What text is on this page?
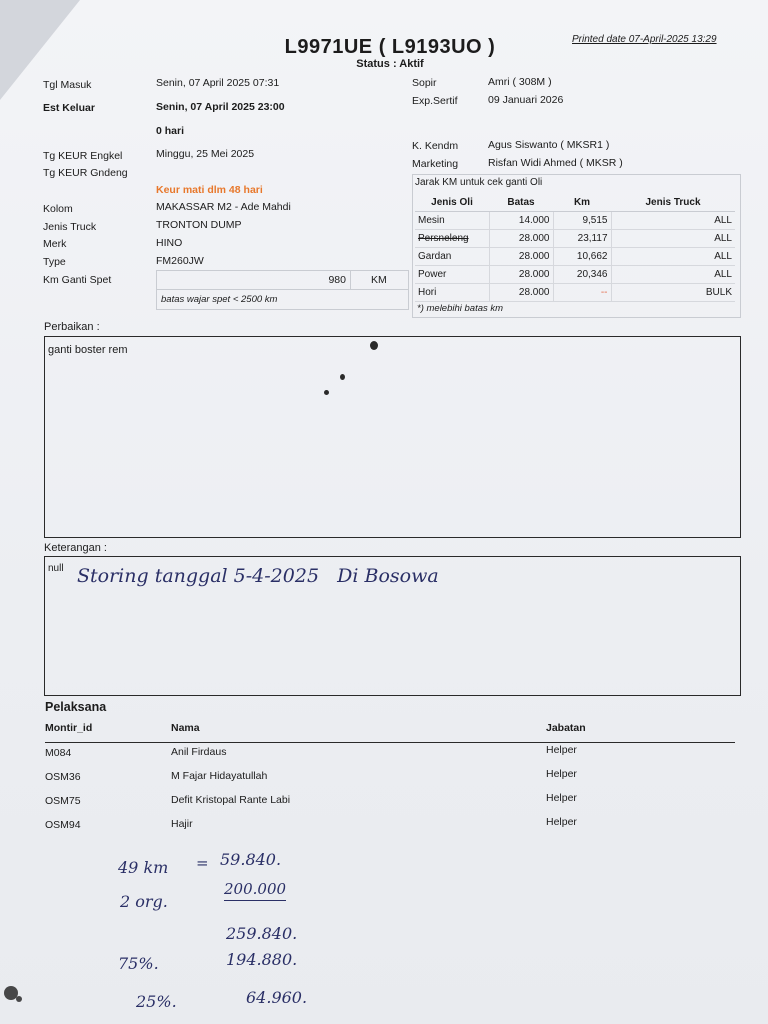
L9971UE ( L9193UO )
Status : Aktif
Printed date 07-April-2025 13:29
Tgl Masuk	Senin, 07 April 2025 07:31
Est Keluar	Senin, 07 April 2025 23:00
0 hari
Tg KEUR Engkel	Minggu, 25 Mei 2025
Tg KEUR Gndeng
Keur mati dlm 48 hari
Kolom	MAKASSAR M2 - Ade Mahdi
Jenis Truck	TRONTON DUMP
Merk	HINO
Type	FM260JW
Km Ganti Spet	980 KM
batas wajar spet < 2500 km
Sopir	Amri ( 308M )
Exp.Sertif	09 Januari 2026
K. Kendm	Agus Siswanto ( MKSR1 )
Marketing	Risfan Widi Ahmed ( MKSR )
Jarak KM untuk cek ganti Oli
Jenis Oli	Batas	Km	Jenis Truck
Mesin	14.000	9,515	ALL
Persneleng	28.000	23,117	ALL
Gardan	28.000	10,662	ALL
Power	28.000	20,346	ALL
Hori	28.000	--	BULK
*) melebihi batas km
Perbaikan :
ganti boster rem
Keterangan :
null Storing tanggal 5-4-2025   Di Bosowa
Pelaksana
Montir_id	Nama	Jabatan
M084	Anil Firdaus	Helper
OSM36	M Fajar Hidayatullah	Helper
OSM75	Defit Kristopal Rante Labi	Helper
OSM94	Hajir	Helper
49 km = 59.840.
2 org.
200.000
259.840.
75%.	194.880.
25%.	64.960.
